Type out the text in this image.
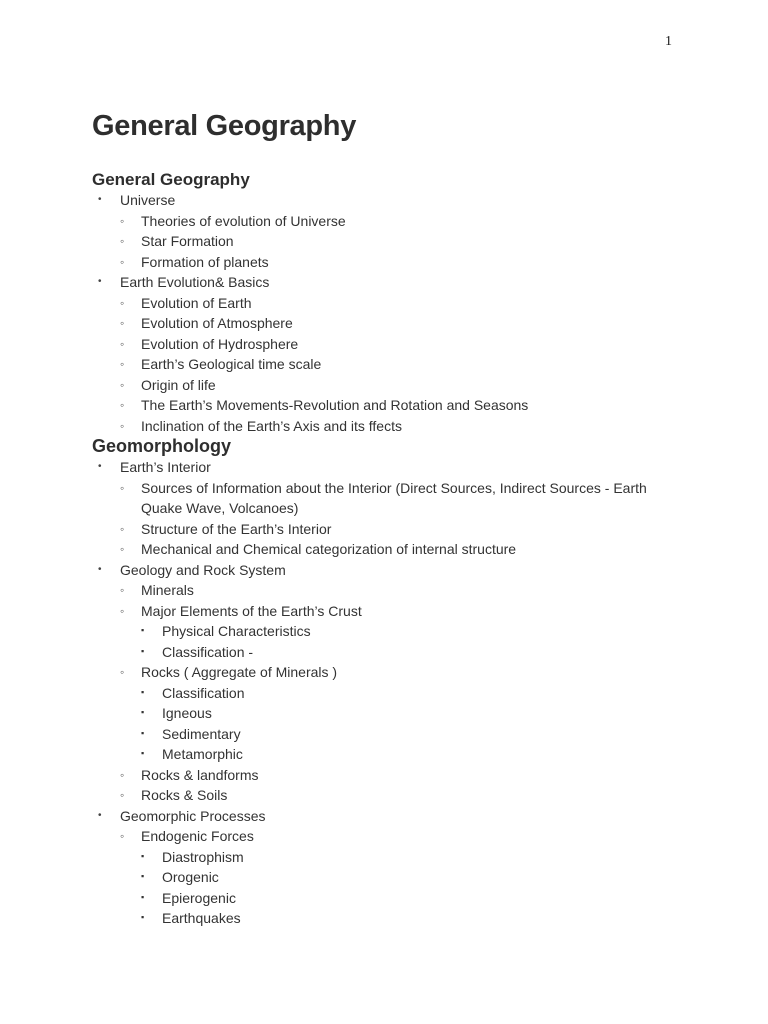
1
General Geography
General Geography
• Universe
◦ Theories of evolution of Universe
◦ Star Formation
◦ Formation of planets
• Earth Evolution& Basics
◦ Evolution of Earth
◦ Evolution of Atmosphere
◦ Evolution of Hydrosphere
◦ Earth’s Geological time scale
◦ Origin of life
◦ The Earth’s Movements-Revolution and Rotation and Seasons
◦ Inclination of the Earth’s Axis and its ffects
Geomorphology
• Earth’s Interior
◦ Sources of Information about the Interior (Direct Sources, Indirect Sources - Earth Quake Wave, Volcanoes)
◦ Structure of the Earth’s Interior
◦ Mechanical and Chemical categorization of internal structure
• Geology and Rock System
◦ Minerals
◦ Major Elements of the Earth’s Crust
▪ Physical Characteristics
▪ Classification -
◦ Rocks ( Aggregate of Minerals )
▪ Classification
▪ Igneous
▪ Sedimentary
▪ Metamorphic
◦ Rocks & landforms
◦ Rocks & Soils
• Geomorphic Processes
◦ Endogenic Forces
▪ Diastrophism
▪ Orogenic
▪ Epierogenic
▪ Earthquakes
